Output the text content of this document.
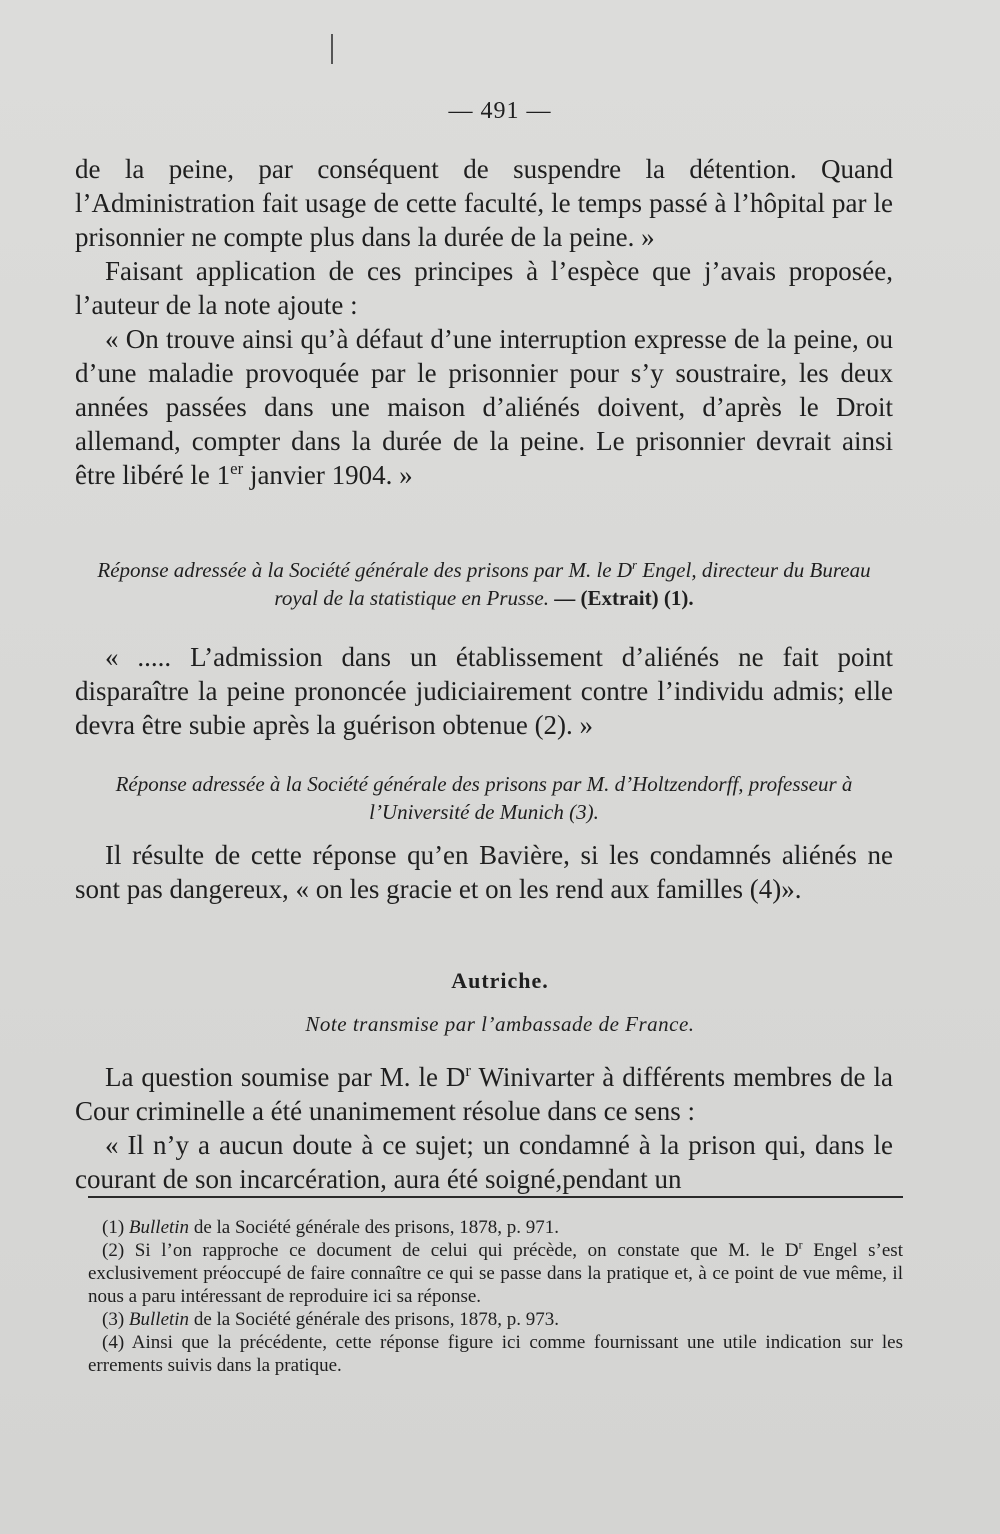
— 491 —

de la peine, par conséquent de suspendre la détention. Quand l’Administration fait usage de cette faculté, le temps passé à l’hôpital par le prisonnier ne compte plus dans la durée de la peine. »

Faisant application de ces principes à l’espèce que j’avais proposée, l’auteur de la note ajoute :

« On trouve ainsi qu’à défaut d’une interruption expresse de la peine, ou d’une maladie provoquée par le prisonnier pour s’y soustraire, les deux années passées dans une maison d’aliénés doivent, d’après le Droit allemand, compter dans la durée de la peine. Le prisonnier devrait ainsi être libéré le 1er janvier 1904. »

Réponse adressée à la Société générale des prisons par M. le $D^r$ Engel, directeur du Bureau royal de la statistique en Prusse. — (Extrait) (1).

« ..... L’admission dans un établissement d’aliénés ne fait point disparaître la peine prononcée judiciairement contre l’individu admis; elle devra être subie après la guérison obtenue (2). »

Réponse adressée à la Société générale des prisons par M. d’Holtzendorff, professeur à l’Université de Munich (3).

Il résulte de cette réponse qu’en Bavière, si les condamnés aliénés ne sont pas dangereux, « on les gracie et on les rend aux familles (4)».

Autriche.
Note transmise par l’ambassade de France.

La question soumise par M. le $D^r$ Winivarter à différents membres de la Cour criminelle a été unanimement résolue dans ce sens :

« Il n’y a aucun doute à ce sujet; un condamné à la prison qui, dans le courant de son incarcération, aura été soigné,pendant un

(1) Bulletin de la Société générale des prisons, 1878, p. 971.

(2) Si l’on rapproche ce document de celui qui précède, on constate que M. le $D^r$ Engel s’est exclusivement préoccupé de faire connaître ce qui se passe dans la pratique et, à ce point de vue même, il nous a paru intéressant de reproduire ici sa réponse.

(3) Bulletin de la Société générale des prisons, 1878, p. 973.

(4) Ainsi que la précédente, cette réponse figure ici comme fournissant une utile indication sur les errements suivis dans la pratique.
